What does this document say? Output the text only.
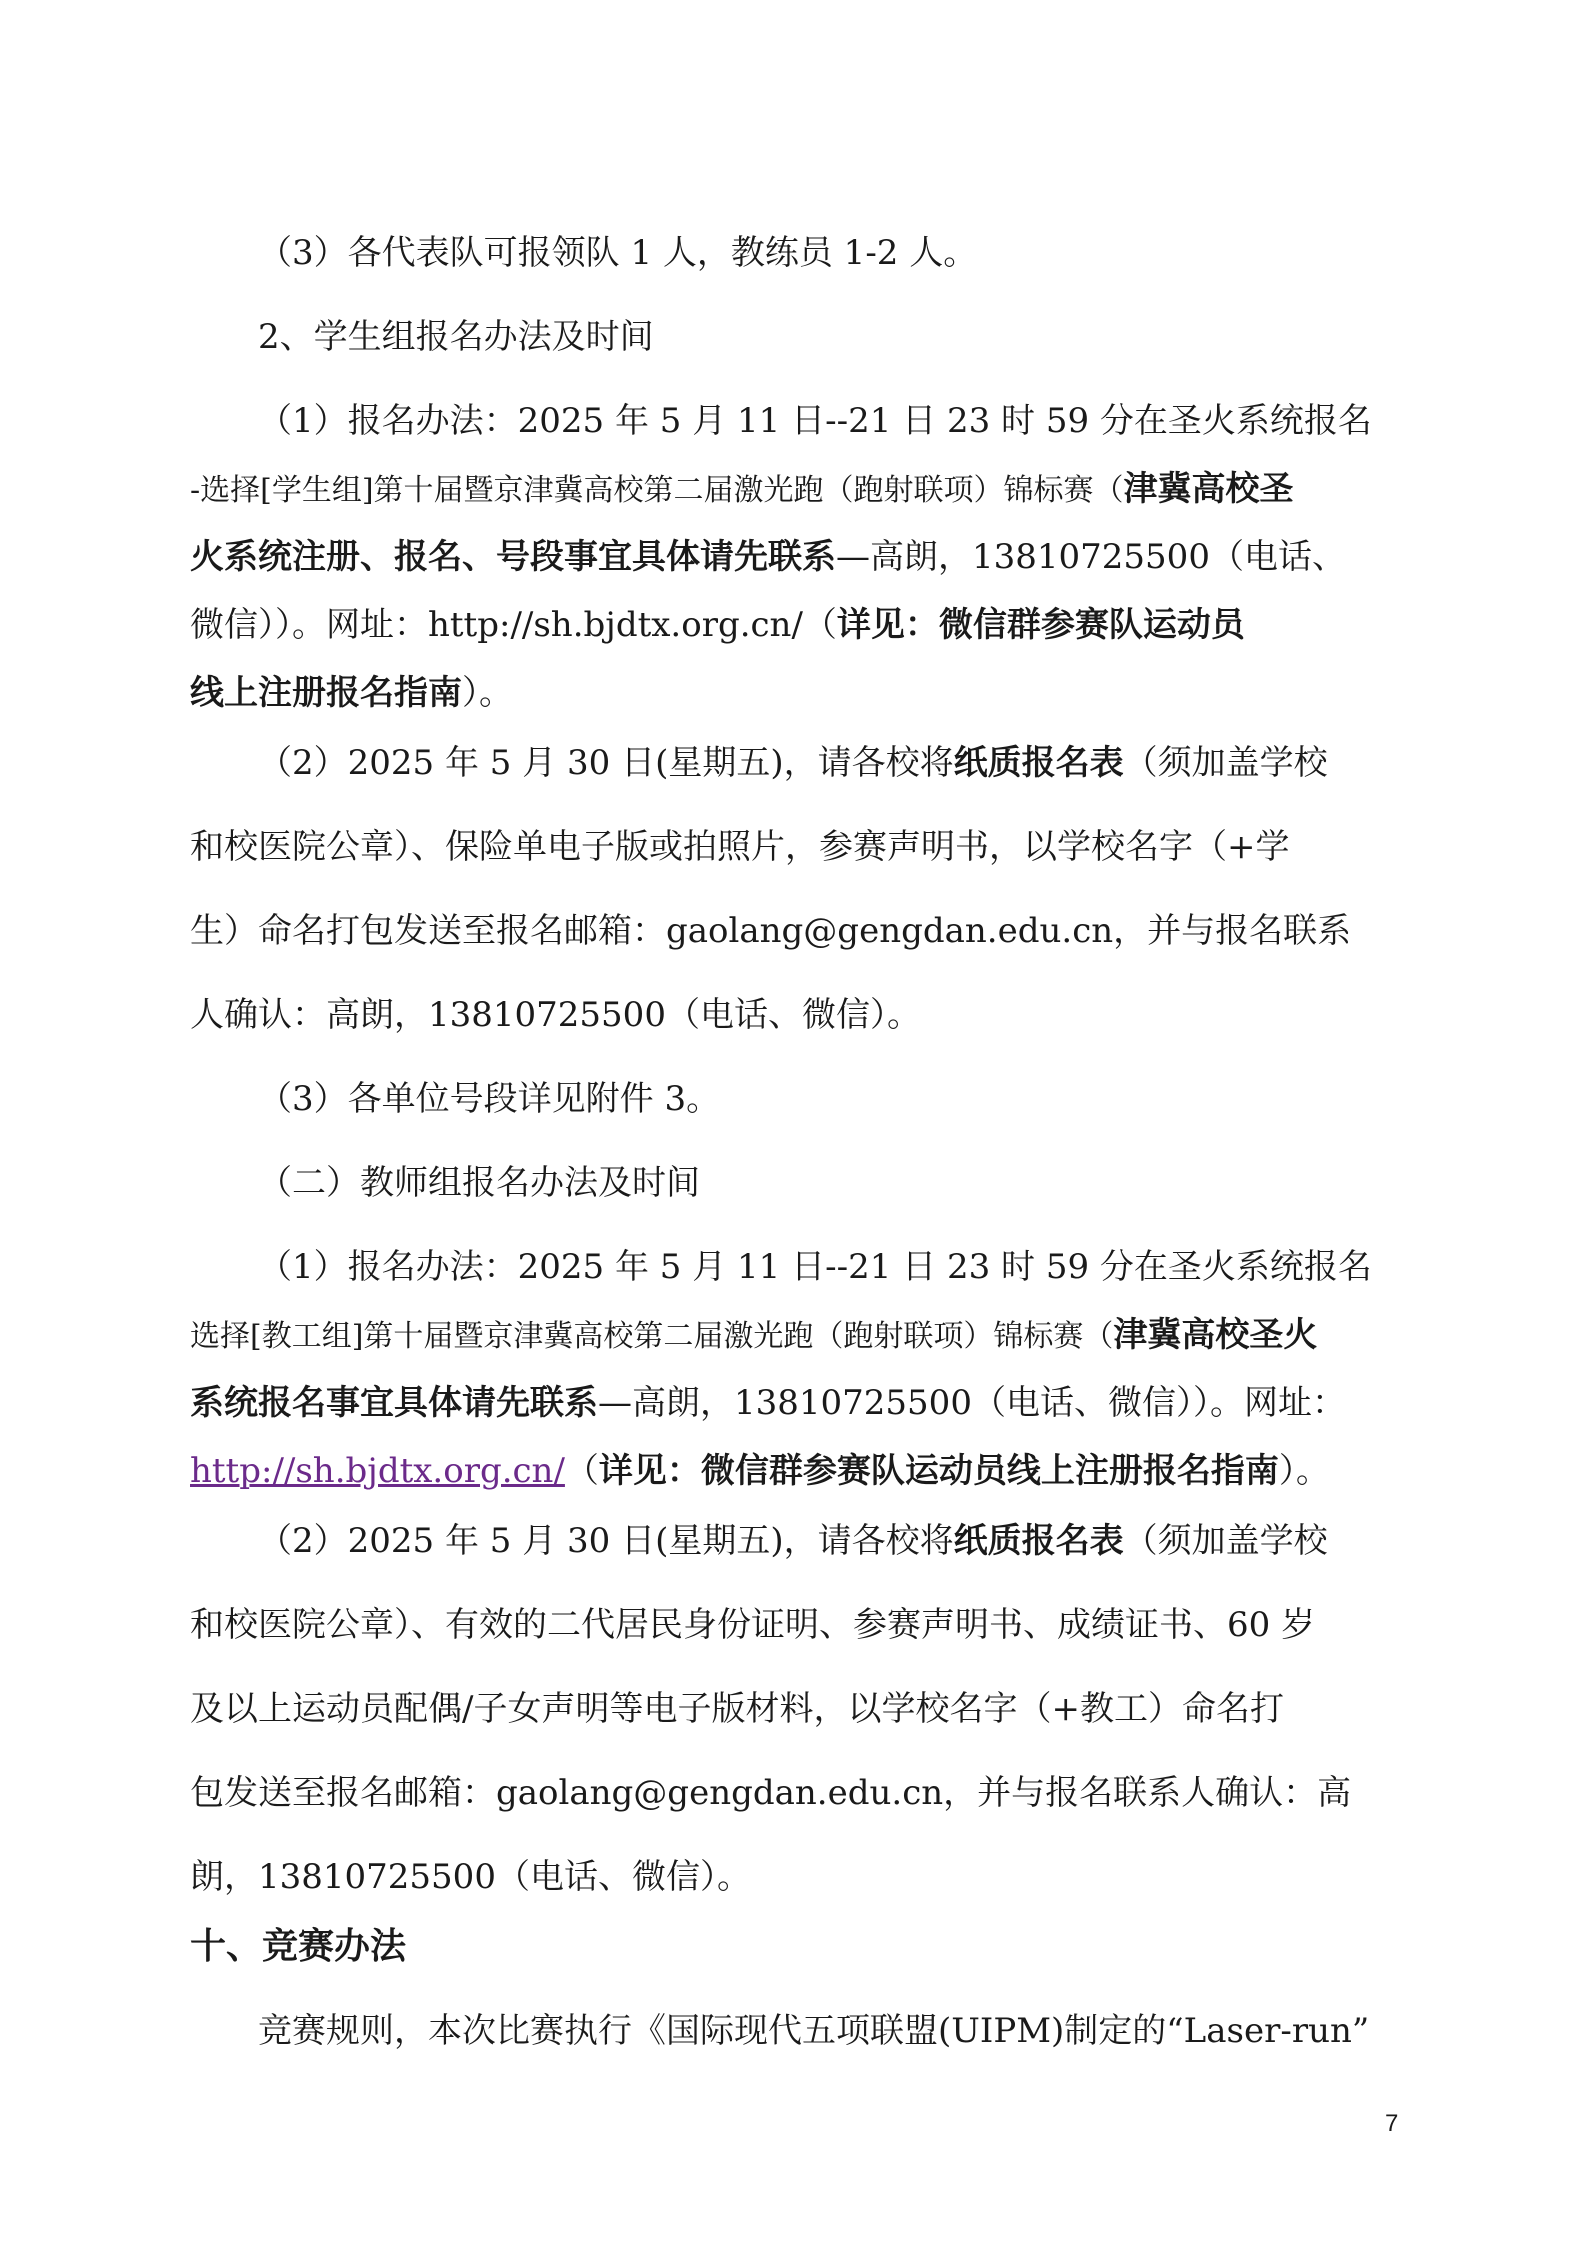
（3）各代表队可报领队 1 人，教练员 1-2 人。
2、学生组报名办法及时间
（1）报名办法：2025 年 5 月 11 日--21 日 23 时 59 分在圣火系统报名
-选择[学生组]第十届暨京津冀高校第二届激光跑（跑射联项）锦标赛（津冀高校圣
火系统注册、报名、号段事宜具体请先联系—高朗，13810725500（电话、
微信））。网址：http://sh.bjdtx.org.cn/（详见：微信群参赛队运动员
线上注册报名指南）。
（2）2025 年 5 月 30 日(星期五)，请各校将纸质报名表（须加盖学校
和校医院公章）、保险单电子版或拍照片，参赛声明书，以学校名字（+学
生）命名打包发送至报名邮箱：gaolang@gengdan.edu.cn，并与报名联系
人确认：高朗，13810725500（电话、微信）。
（3）各单位号段详见附件 3。
（二）教师组报名办法及时间
（1）报名办法：2025 年 5 月 11 日--21 日 23 时 59 分在圣火系统报名
选择[教工组]第十届暨京津冀高校第二届激光跑（跑射联项）锦标赛（津冀高校圣火
系统报名事宜具体请先联系—高朗，13810725500（电话、微信））。网址：
http://sh.bjdtx.org.cn/（详见：微信群参赛队运动员线上注册报名指南）。
（2）2025 年 5 月 30 日(星期五)，请各校将纸质报名表（须加盖学校
和校医院公章）、有效的二代居民身份证明、参赛声明书、成绩证书、60 岁
及以上运动员配偶/子女声明等电子版材料，以学校名字（+教工）命名打
包发送至报名邮箱：gaolang@gengdan.edu.cn，并与报名联系人确认：高
朗，13810725500（电话、微信）。
十、竞赛办法
竞赛规则，本次比赛执行《国际现代五项联盟(UIPM)制定的“Laser-run”
7
